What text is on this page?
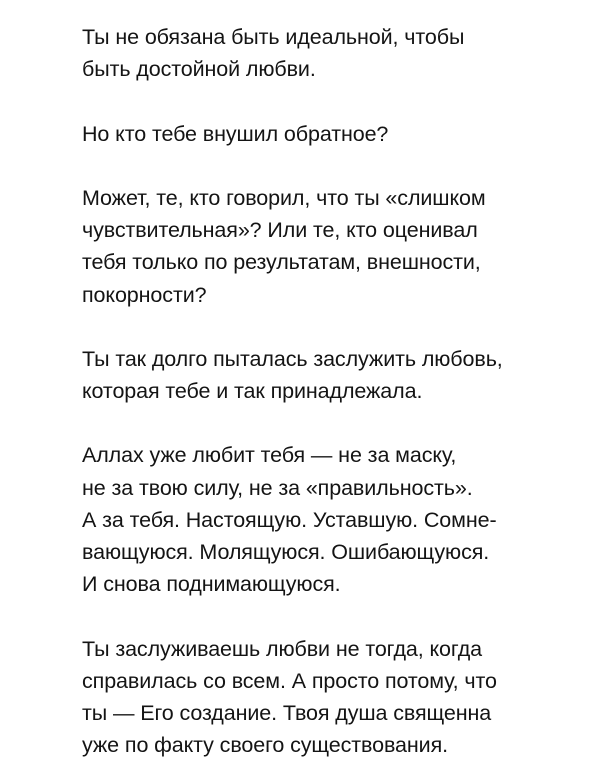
Ты не обязана быть идеальной, чтобы
быть достойной любви.
Но кто тебе внушил обратное?
Может, те, кто говорил, что ты «слишком
чувствительная»? Или те, кто оценивал
тебя только по результатам, внешности,
покорности?
Ты так долго пыталась заслужить любовь,
которая тебе и так принадлежала.
Аллах уже любит тебя — не за маску,
не за твою силу, не за «правильность».
А за тебя. Настоящую. Уставшую. Сомне-
вающуюся. Молящуюся. Ошибающуюся.
И снова поднимающуюся.
Ты заслуживаешь любви не тогда, когда
справилась со всем. А просто потому, что
ты — Его создание. Твоя душа священна
уже по факту своего существования.
